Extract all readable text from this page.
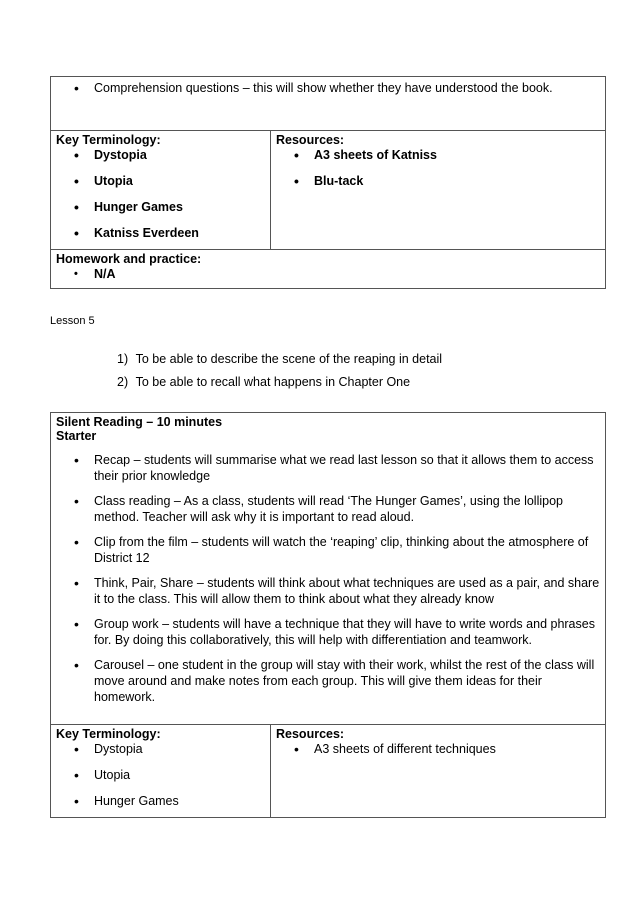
• Comprehension questions – this will show whether they have understood the book.

Key Terminology:
• Dystopia
• Utopia
• Hunger Games
• Katniss Everdeen

Resources:
• A3 sheets of Katniss
• Blu-tack

Homework and practice:
• N/A
Lesson 5
1) To be able to describe the scene of the reaping in detail
2) To be able to recall what happens in Chapter One
Silent Reading – 10 minutes
Starter
• Recap – students will summarise what we read last lesson so that it allows them to access their prior knowledge
• Class reading – As a class, students will read ‘The Hunger Games’, using the lollipop method. Teacher will ask why it is important to read aloud.
• Clip from the film – students will watch the ‘reaping’ clip, thinking about the atmosphere of District 12
• Think, Pair, Share – students will think about what techniques are used as a pair, and share it to the class. This will allow them to think about what they already know
• Group work – students will have a technique that they will have to write words and phrases for. By doing this collaboratively, this will help with differentiation and teamwork.
• Carousel – one student in the group will stay with their work, whilst the rest of the class will move around and make notes from each group. This will give them ideas for their homework.

Key Terminology:
• Dystopia
• Utopia
• Hunger Games

Resources:
• A3 sheets of different techniques
